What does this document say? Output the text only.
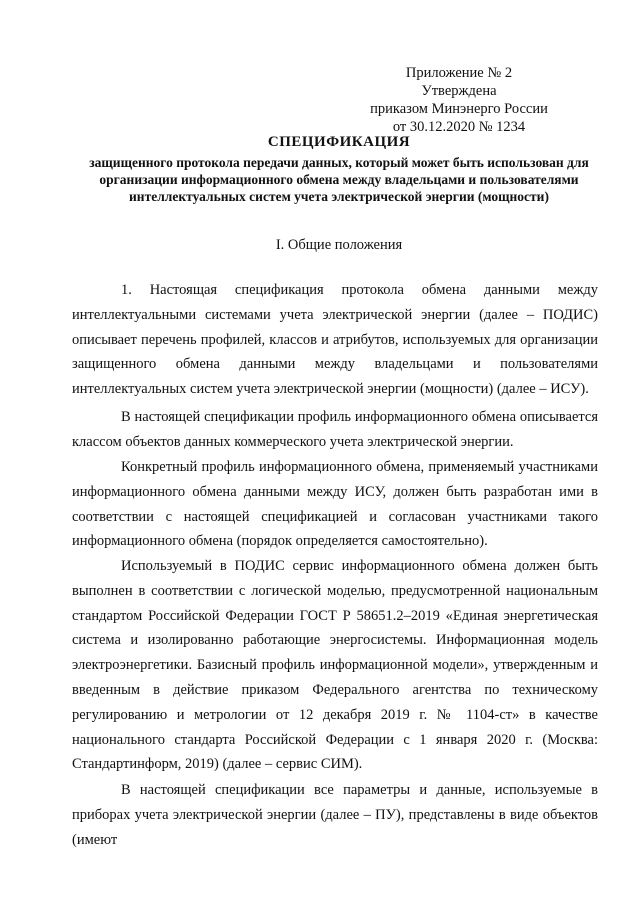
Приложение № 2
Утверждена
приказом Минэнерго России
от 30.12.2020 № 1234
СПЕЦИФИКАЦИЯ
защищенного протокола передачи данных, который может быть использован для организации информационного обмена между владельцами и пользователями интеллектуальных систем учета электрической энергии (мощности)
I. Общие положения
1. Настоящая спецификация протокола обмена данными между интеллектуальными системами учета электрической энергии (далее – ПОДИС) описывает перечень профилей, классов и атрибутов, используемых для организации защищенного обмена данными между владельцами и пользователями интеллектуальных систем учета электрической энергии (мощности) (далее – ИСУ).
В настоящей спецификации профиль информационного обмена описывается классом объектов данных коммерческого учета электрической энергии.
Конкретный профиль информационного обмена, применяемый участниками информационного обмена данными между ИСУ, должен быть разработан ими в соответствии с настоящей спецификацией и согласован участниками такого информационного обмена (порядок определяется самостоятельно).
Используемый в ПОДИС сервис информационного обмена должен быть выполнен в соответствии с логической моделью, предусмотренной национальным стандартом Российской Федерации ГОСТ Р 58651.2–2019 «Единая энергетическая система и изолированно работающие энергосистемы. Информационная модель электроэнергетики. Базисный профиль информационной модели», утвержденным и введенным в действие приказом Федерального агентства по техническому регулированию и метрологии от 12 декабря 2019 г. № 1104-ст» в качестве национального стандарта Российской Федерации с 1 января 2020 г. (Москва: Стандартинформ, 2019) (далее – сервис СИМ).
В настоящей спецификации все параметры и данные, используемые в приборах учета электрической энергии (далее – ПУ), представлены в виде объектов (имеют
